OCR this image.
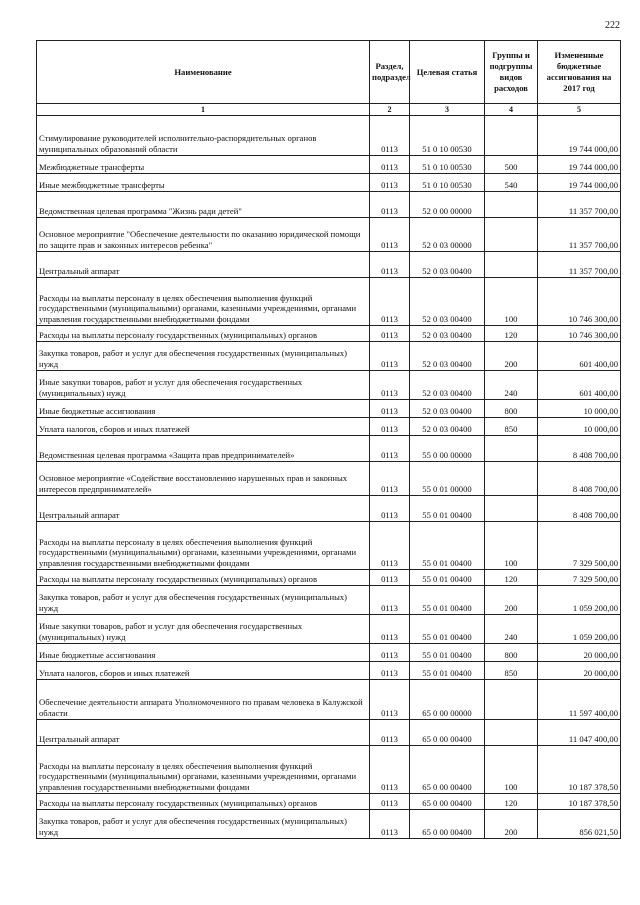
222
Наименование	Раздел, подраздел	Целевая статья	Группы и подгруппы видов расходов	Измененные бюджетные ассигнования на 2017 год
1	2	3	4	5
Стимулирование руководителей исполнительно-распорядительных органов муниципальных образований области	0113	51 0 10 00530		19 744 000,00
Межбюджетные трансферты	0113	51 0 10 00530	500	19 744 000,00
Иные межбюджетные трансферты	0113	51 0 10 00530	540	19 744 000,00
Ведомственная целевая программа "Жизнь ради детей"	0113	52 0 00 00000		11 357 700,00
Основное мероприятие "Обеспечение деятельности по оказанию юридической помощи по защите прав и законных интересов ребенка"	0113	52 0 03 00000		11 357 700,00
Центральный аппарат	0113	52 0 03 00400		11 357 700,00
Расходы на выплаты персоналу в целях обеспечения выполнения функций государственными (муниципальными) органами, казенными учреждениями, органами управления государственными внебюджетными фондами	0113	52 0 03 00400	100	10 746 300,00
Расходы на выплаты персоналу государственных (муниципальных) органов	0113	52 0 03 00400	120	10 746 300,00
Закупка товаров, работ и услуг для обеспечения государственных (муниципальных) нужд	0113	52 0 03 00400	200	601 400,00
Иные закупки товаров, работ и услуг для обеспечения государственных (муниципальных) нужд	0113	52 0 03 00400	240	601 400,00
Иные бюджетные ассигнования	0113	52 0 03 00400	800	10 000,00
Уплата налогов, сборов и иных платежей	0113	52 0 03 00400	850	10 000,00
Ведомственная целевая программа «Защита прав предпринимателей»	0113	55 0 00 00000		8 408 700,00
Основное мероприятие «Содействие восстановлению нарушенных прав и законных интересов предпринимателей»	0113	55 0 01 00000		8 408 700,00
Центральный аппарат	0113	55 0 01 00400		8 408 700,00
Расходы на выплаты персоналу в целях обеспечения выполнения функций государственными (муниципальными) органами, казенными учреждениями, органами управления государственными внебюджетными фондами	0113	55 0 01 00400	100	7 329 500,00
Расходы на выплаты персоналу государственных (муниципальных) органов	0113	55 0 01 00400	120	7 329 500,00
Закупка товаров, работ и услуг для обеспечения государственных (муниципальных) нужд	0113	55 0 01 00400	200	1 059 200,00
Иные закупки товаров, работ и услуг для обеспечения государственных (муниципальных) нужд	0113	55 0 01 00400	240	1 059 200,00
Иные бюджетные ассигнования	0113	55 0 01 00400	800	20 000,00
Уплата налогов, сборов и иных платежей	0113	55 0 01 00400	850	20 000,00
Обеспечение деятельности аппарата Уполномоченного по правам человека в Калужской области	0113	65 0 00 00000		11 597 400,00
Центральный аппарат	0113	65 0 00 00400		11 047 400,00
Расходы на выплаты персоналу в целях обеспечения выполнения функций государственными (муниципальными) органами, казенными учреждениями, органами управления государственными внебюджетными фондами	0113	65 0 00 00400	100	10 187 378,50
Расходы на выплаты персоналу государственных (муниципальных) органов	0113	65 0 00 00400	120	10 187 378,50
Закупка товаров, работ и услуг для обеспечения государственных (муниципальных) нужд	0113	65 0 00 00400	200	856 021,50
